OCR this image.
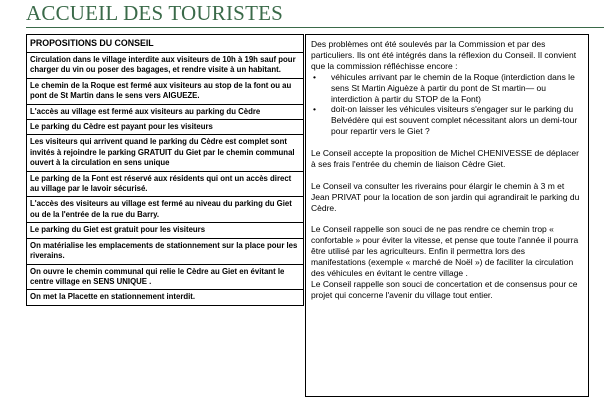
ACCUEIL DES TOURISTES
PROPOSITIONS DU CONSEIL
Circulation dans le village interdite aux visiteurs de 10h à 19h sauf pour charger du vin ou poser des bagages, et rendre visite à un habitant.
Le chemin de la Roque est fermé aux visiteurs au stop de la font ou au pont de St Martin dans le sens vers AIGUEZE.
L'accès au village est fermé aux visiteurs au parking du Cèdre
Le parking du Cèdre est payant pour les visiteurs
Les visiteurs qui arrivent quand le parking du Cèdre est complet sont invités à rejoindre le parking GRATUIT du Giet par le chemin communal ouvert à la circulation en sens unique
Le parking de la Font est réservé aux résidents qui ont un accès direct au village par le lavoir sécurisé.
L'accès des visiteurs au village est fermé au niveau du parking du Giet ou de la l'entrée de la rue du Barry.
Le parking du Giet est gratuit pour les visiteurs
On matérialise les emplacements de stationnement sur la place pour les riverains.
On ouvre le chemin communal qui relie le Cèdre au Giet en évitant le centre village en SENS UNIQUE .
On met la Placette en stationnement interdit.

Des problèmes ont été soulevés par la Commission et par des particuliers. Ils ont été intégrés dans la réflexion du Conseil. Il convient que la commission réfléchisse encore :

•	véhicules arrivant par le chemin de la Roque (interdiction dans le sens St Martin Aiguèze à partir du pont de St martin— ou interdiction à partir du STOP de la Font)
•	doit-on laisser les véhicules visiteurs s'engager sur le parking du Belvédère qui est souvent complet nécessitant alors un demi-tour pour repartir vers le Giet ?

Le Conseil accepte la proposition de Michel CHENIVESSE de déplacer à ses frais l'entrée du chemin de liaison Cèdre Giet.

Le Conseil va consulter les riverains pour élargir le chemin à 3 m et Jean PRIVAT pour la location de son jardin qui agrandirait le parking du Cèdre.

Le Conseil rappelle son souci de ne pas rendre ce chemin trop « confortable » pour éviter la vitesse, et pense que toute l'année il pourra être utilisé par les agriculteurs. Enfin il permettra lors des manifestations (exemple « marché de Noël ») de faciliter la circulation des véhicules en évitant le centre village .

Le Conseil rappelle son souci de concertation et de consensus pour ce projet qui concerne l'avenir du village tout entier.
